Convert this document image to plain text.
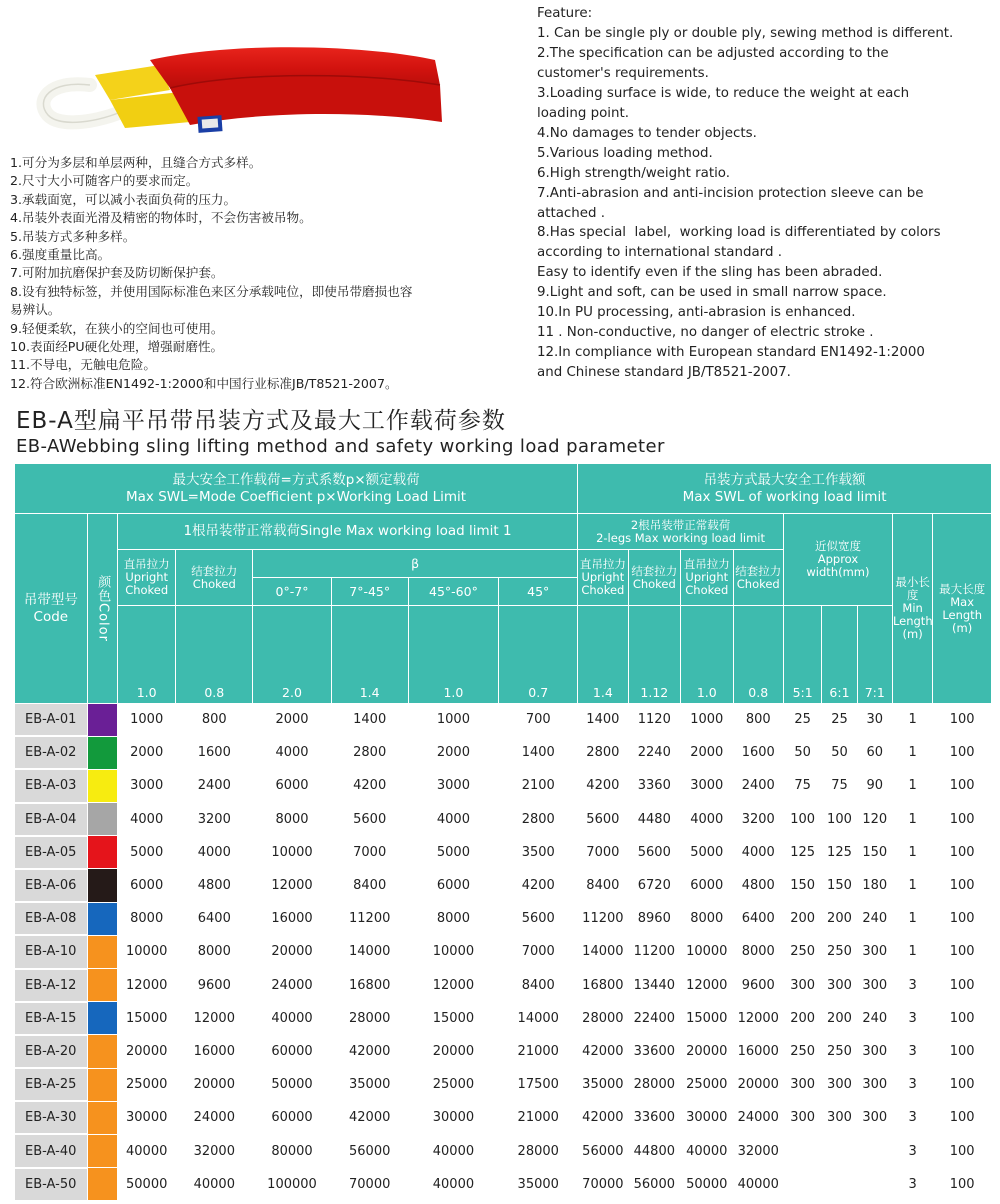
Feature:
1. Can be single ply or double ply, sewing method is different.
2.The specification can be adjusted according to the
customer's requirements.
3.Loading surface is wide, to reduce the weight at each
loading point.
4.No damages to tender objects.
5.Various loading method.
6.High strength/weight ratio.
7.Anti-abrasion and anti-incision protection sleeve can be
attached .
8.Has special  label,  working load is differentiated by colors
according to international standard .
Easy to identify even if the sling has been abraded.
9.Light and soft, can be used in small narrow space.
10.In PU processing, anti-abrasion is enhanced.
11 . Non-conductive, no danger of electric stroke .
12.In compliance with European standard EN1492-1:2000
and Chinese standard JB/T8521-2007.
1.可分为多层和单层两种，且缝合方式多样。
2.尺寸大小可随客户的要求而定。
3.承载面宽，可以减小表面负荷的压力。
4.吊装外表面光滑及精密的物体时，不会伤害被吊物。
5.吊装方式多种多样。
6.强度重量比高。
7.可附加抗磨保护套及防切断保护套。
8.设有独特标签，并使用国际标准色来区分承载吨位，即使吊带磨损也容
易辨认。
9.轻便柔软，在狭小的空间也可使用。
10.表面经PU硬化处理，增强耐磨性。
11.不导电，无触电危险。
12.符合欧洲标准EN1492-1:2000和中国行业标准JB/T8521-2007。
EB-A型扁平吊带吊装方式及最大工作载荷参数
EB-AWebbing sling lifting method and safety working load parameter
最大安全工作载荷=方式系数p×额定载荷
Max SWL=Mode Coefficient p×Working Load Limit								吊装方式最大安全工作载额
Max SWL of working load limit								

吊带型号
Code	颜色Color	1根吊装带正常载荷Single Max working load limit 1						2根吊装带正常载荷
2-legs Max working load limit				近似宽度
Approx
width(mm)			最小长度
Min
Length
(m)	最大长度
Max
Length
(m)

		直吊拉力
Upright Choked	结套拉力
Choked	β				直吊拉力
Upright Choked	结套拉力
Choked	直吊拉力
Upright Choked	结套拉力
Choked					

				0°-7°	7°-45°	45°-60°	45°									
		1.0	0.8	2.0	1.4	1.0	0.7	1.4	1.12	1.0	0.8	5:1	6:1	7:1		
EB-A-01		1000	800	2000	1400	1000	700	1400	1120	1000	800	25	25	30	1	100
EB-A-02		2000	1600	4000	2800	2000	1400	2800	2240	2000	1600	50	50	60	1	100
EB-A-03		3000	2400	6000	4200	3000	2100	4200	3360	3000	2400	75	75	90	1	100
EB-A-04		4000	3200	8000	5600	4000	2800	5600	4480	4000	3200	100	100	120	1	100
EB-A-05		5000	4000	10000	7000	5000	3500	7000	5600	5000	4000	125	125	150	1	100
EB-A-06		6000	4800	12000	8400	6000	4200	8400	6720	6000	4800	150	150	180	1	100
EB-A-08		8000	6400	16000	11200	8000	5600	11200	8960	8000	6400	200	200	240	1	100
EB-A-10		10000	8000	20000	14000	10000	7000	14000	11200	10000	8000	250	250	300	1	100
EB-A-12		12000	9600	24000	16800	12000	8400	16800	13440	12000	9600	300	300	300	3	100
EB-A-15		15000	12000	40000	28000	15000	14000	28000	22400	15000	12000	200	200	240	3	100
EB-A-20		20000	16000	60000	42000	20000	21000	42000	33600	20000	16000	250	250	300	3	100
EB-A-25		25000	20000	50000	35000	25000	17500	35000	28000	25000	20000	300	300	300	3	100
EB-A-30		30000	24000	60000	42000	30000	21000	42000	33600	30000	24000	300	300	300	3	100
EB-A-40		40000	32000	80000	56000	40000	28000	56000	44800	40000	32000				3	100
EB-A-50		50000	40000	100000	70000	40000	35000	70000	56000	50000	40000				3	100
